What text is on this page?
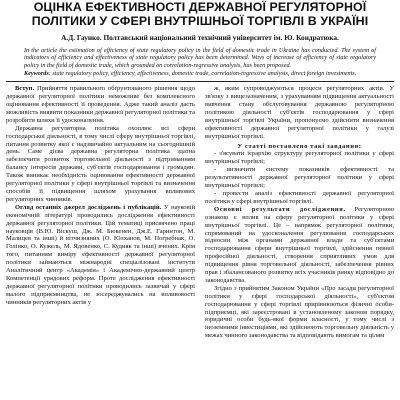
ОЦІНКА ЕФЕКТИВНОСТІ ДЕРЖАВНОЇ РЕГУЛЯТОРНОЇ
ПОЛІТИКИ У СФЕРІ ВНУТРІШНЬОЇ ТОРГІВЛІ В УКРАЇНІ
А.Д. Гаунко. Полтавський національний технічний університет ім. Ю. Кондратюка.
In the article the estimation of efficiency of state regulatory policy in the field of domestic trade in Ukraine has conducted. The system of indicators of efficiency and effectiveness of state regulatory policy has been determined. Ways of increase of efficiency of state regulatory policy in the field of domestic trade, which grounded on correlation-regressive analysis, has been proposed.
Keywords: state regulatory policy, efficiency, effectiveness, domestic trade, correlation-regressive analysis, direct foreign investments.

Вступ. Прийняття правильного обґрунтованого рішення щодо державної регуляторної політики неможливе без комплексного оцінювання ефективності її проведення. Адже такий аналіз дасть можливість виявити показники державної регуляторної політики та розробити шляхи її удосконалення.

Державна регуляторна політика охоплює всі сфери господарської діяльності, в тому числі сферу внутрішньої торгівлі, питання розвитку якої є надзвичайно актуальним на сьогоднішній день. Саме дієва державна регуляторна політика здатна забезпечити розвиток торговельної діяльності з підтриманням балансу інтересів держави, суб'єктів господарювання і громадян. Також виникає необхідність оцінювання ефективності державної регуляторної політики у сфері внутрішньої торгівлі та визначення способів її підвищення шляхом урахування впливових регуляторних чинників.

Огляд останніх джерел досліджень і публікацій. У науковій економічній літературі проводились дослідження ефективності державної регуляторної політики. Цій тематиці присвячено праці науковців (В.Ю. Віскуш, Дж. М. Бюкенен, Дж.Е. Гаринтон, М. Малицев та інші) й вітчизняних (О. Юлханов, М. Погребнак, О. Голінко, О. Кужель, М. Ядовенко, С. Кудияк та інші) вчених. Крім того, питанням виміру ефективності державної регуляторної політики займаються міжнародні спеціалізовані інститути Аналітичний центр «Академія» і Академічно-державний центр Компетенції урядових реформ. Проте дослідження ефективності державної регуляторної політики проводились зазвичай у сфері малого підприємництва, не зосереджувались на впливовості чинників регуляторних актів у

ж, яким супроводжуються процеси регуляторних актів. У зв'язку з вищезазначеним, з урахуванням підвищення актуальності вивчення стану обслуговування державною регуляторною політикою діяльності суб'єктів господарювання у сфері внутрішньої торгівлі України, пропонуємо здійснити визначення ефективності державної регуляторної політики у галузі внутрішньої торгівлі.

У статті поставлено такі завдання:

- з'ясувати ієрархію структуру регуляторної політики у сфері внутрішньої торгівлі;

- визначити систему показників ефективності та результативності державної регуляторної політики у сфері внутрішньої торгівлі;

- провести аналіз ефективності державної регуляторної політики у сфері внутрішньої торгівлі.

Основні результати дослідження. Регуляторною ознакою є вплив на сферу регуляторної політики у сфері внутрішньої торгівлі. Це – напрямок регуляторної політики, спрямований на удосконалення регулювання господарських відносин між органами державної влади та суб'єктами господарювання сфери внутрішньої торгівлі, здійснення певної професійної діяльності, створення сприятливих умов для підвищення рівня торговельної діяльності, забезпечення рівних прав і збалансованого розвитку всіх учасників ринку відповідно до законодавства.

Згідно з прийнятим Законом України «Про засади регуляторної політики у сфері господарської діяльності», суб'єктом господарювання у сфері торгівлі прирівнюються фізичні особи-підприємці, які зареєстровані в установленому законом порядку, юридичні особи будь-якої форми власності, у тому числі з іноземними інвестиціями, які здійснюють торговельну діяльність у межах чинного законодавства та відповідають вимогам та цілям
